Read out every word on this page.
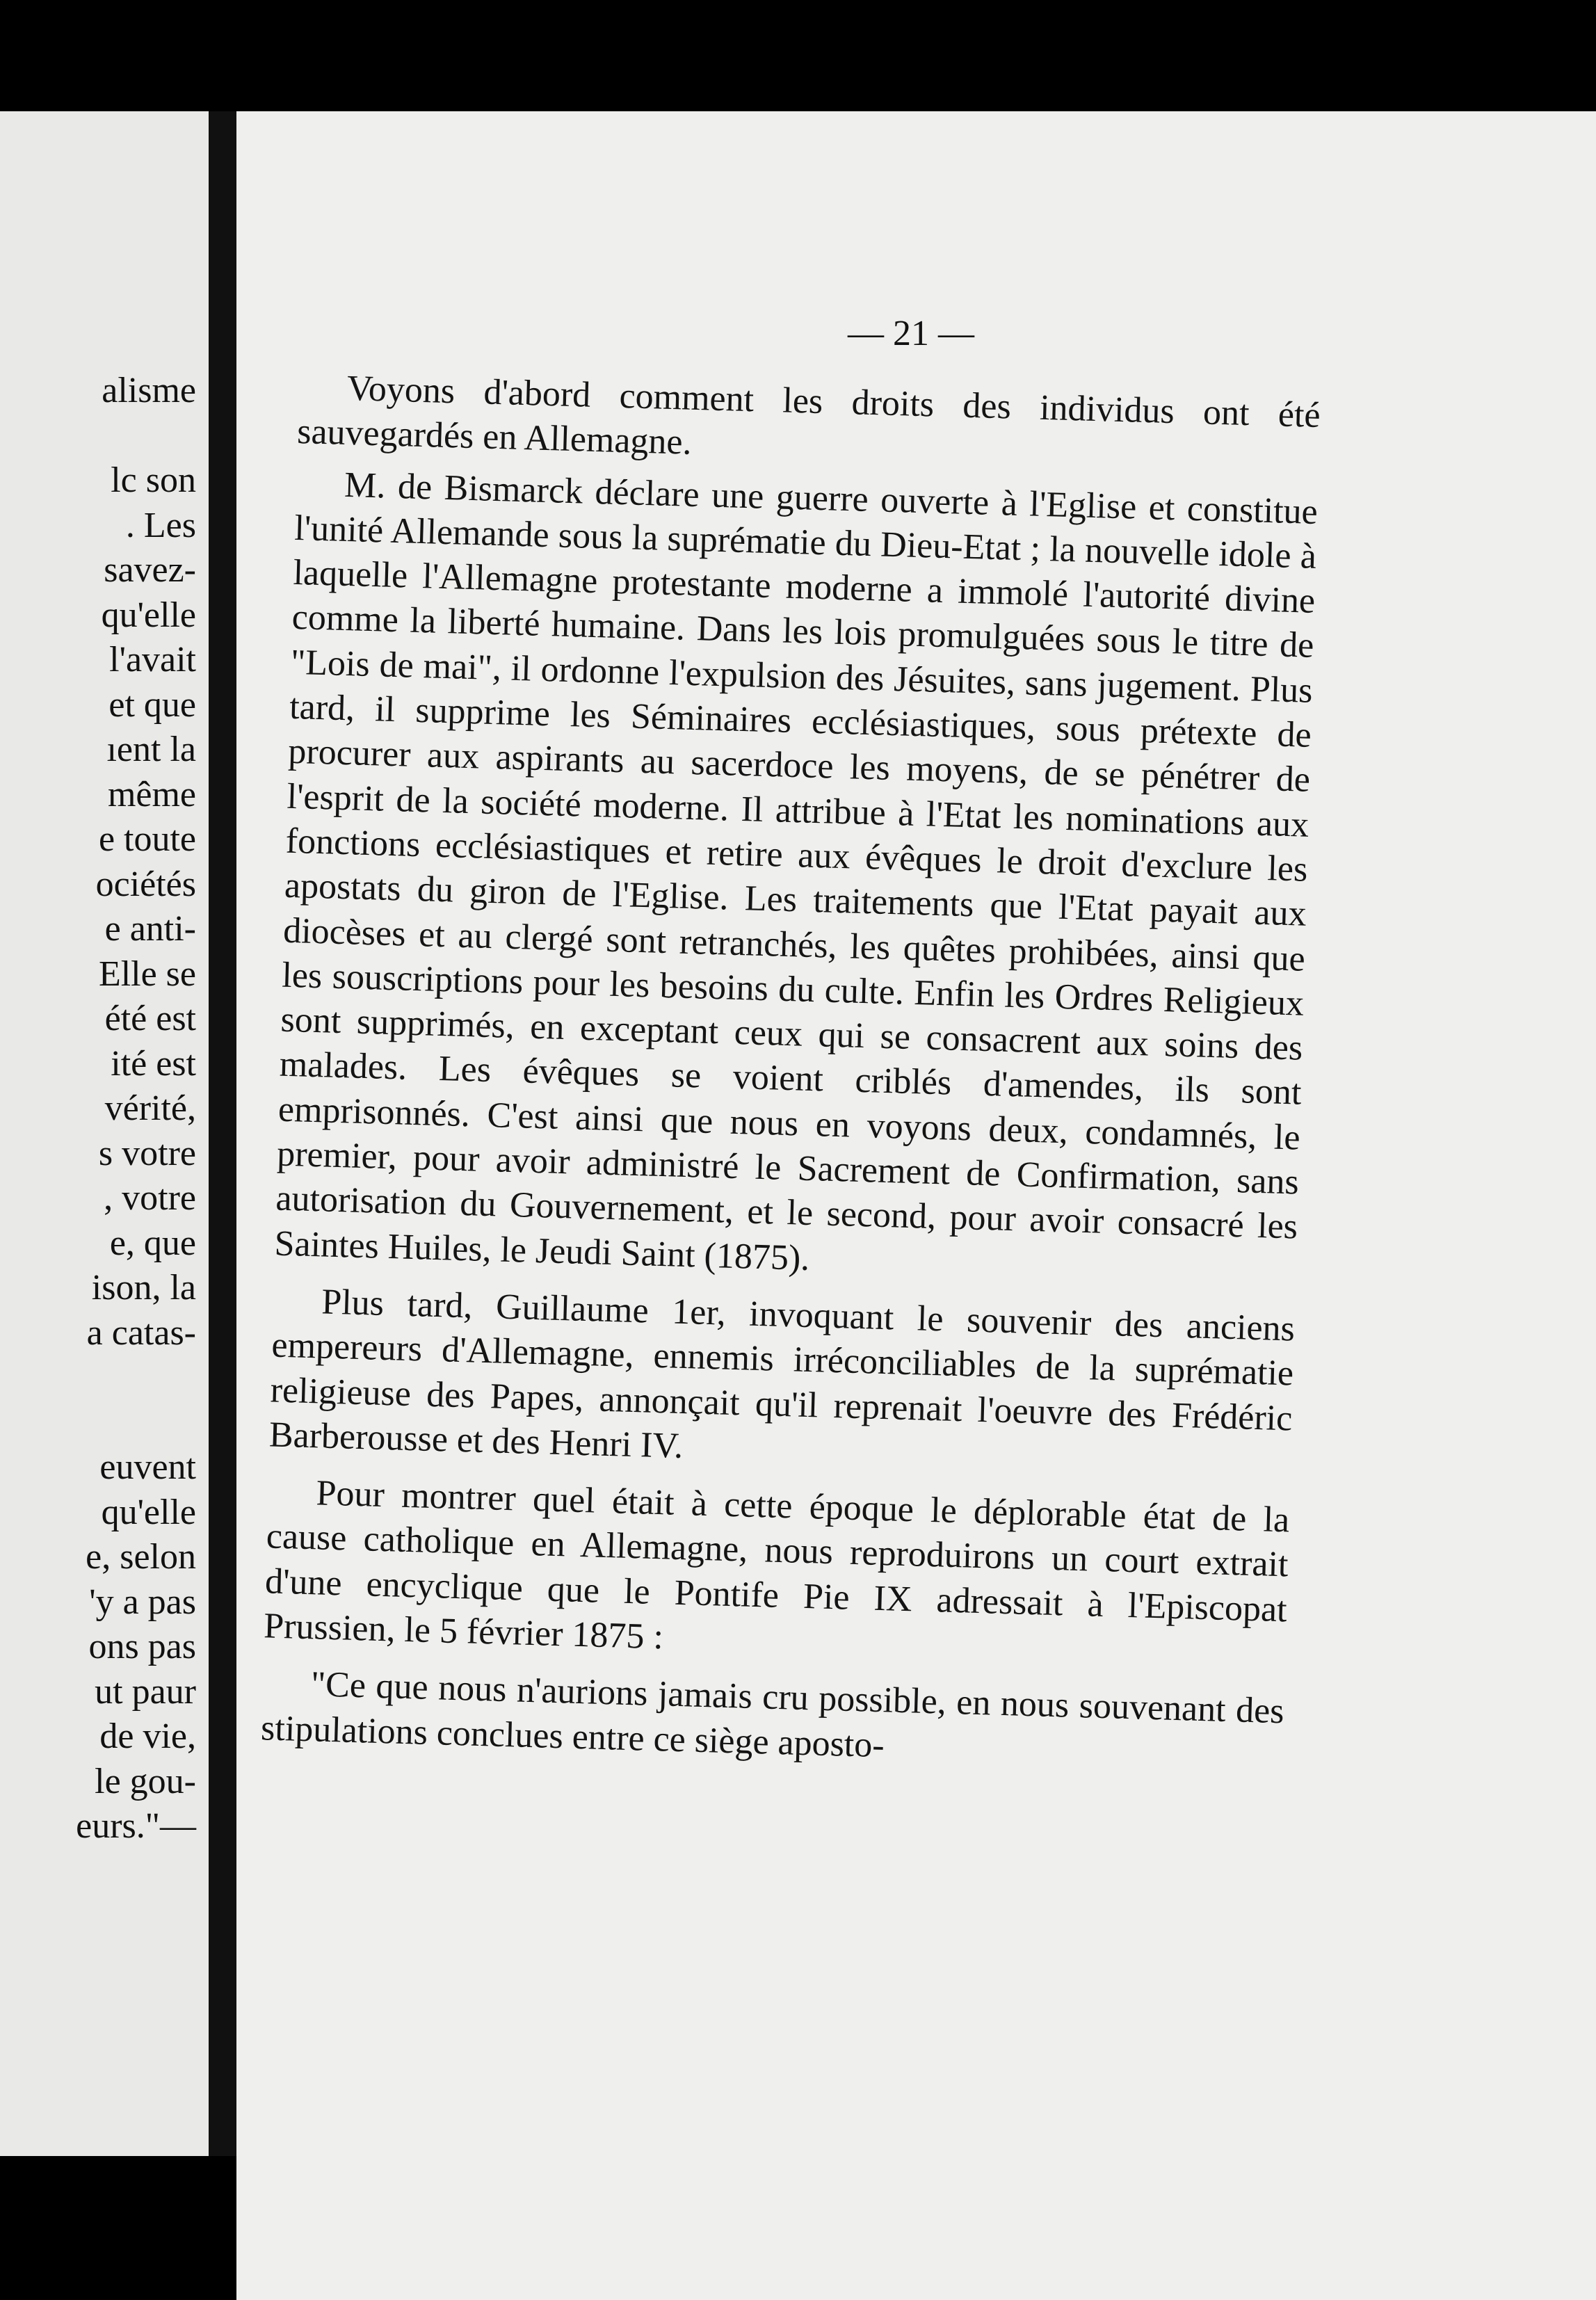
alisme
lc son
. Les
savez-
qu'elle
l'avait
et que
ıent la
même
e toute
ociétés
e anti-
Elle se
été est
ité est
vérité,
s votre
, votre
e, que
ison, la
a catas-
euvent
qu'elle
e, selon
'y a pas
ons pas
ut paur
de vie,
le gou-
eurs."—
— 21 —

Voyons d'abord comment les droits des individus ont été sauvegardés en Allemagne.

M. de Bismarck déclare une guerre ouverte à l'Eglise et constitue l'unité Allemande sous la suprématie du Dieu-Etat ; la nouvelle idole à laquelle l'Allemagne protestante moderne a immolé l'autorité divine comme la liberté humaine. Dans les lois promulguées sous le titre de "Lois de mai", il ordonne l'expulsion des Jésuites, sans jugement. Plus tard, il supprime les Séminaires ecclésiastiques, sous prétexte de procurer aux aspirants au sacerdoce les moyens, de se pénétrer de l'esprit de la société moderne. Il attribue à l'Etat les nominations aux fonctions ecclésiastiques et retire aux évêques le droit d'exclure les apostats du giron de l'Eglise. Les traitements que l'Etat payait aux diocèses et au clergé sont retranchés, les quêtes prohibées, ainsi que les souscriptions pour les besoins du culte. Enfin les Ordres Religieux sont supprimés, en exceptant ceux qui se consacrent aux soins des malades. Les évêques se voient criblés d'amendes, ils sont emprisonnés. C'est ainsi que nous en voyons deux, condamnés, le premier, pour avoir administré le Sacrement de Confirmation, sans autorisation du Gouvernement, et le second, pour avoir consacré les Saintes Huiles, le Jeudi Saint (1875).

Plus tard, Guillaume 1er, invoquant le souvenir des anciens empereurs d'Allemagne, ennemis irréconciliables de la suprématie religieuse des Papes, annonçait qu'il reprenait l'oeuvre des Frédéric Barberousse et des Henri IV.

Pour montrer quel était à cette époque le déplorable état de la cause catholique en Allemagne, nous reproduirons un court extrait d'une encyclique que le Pontife Pie IX adressait à l'Episcopat Prussien, le 5 février 1875 :

"Ce que nous n'aurions jamais cru possible, en nous souvenant des stipulations conclues entre ce siège aposto-
